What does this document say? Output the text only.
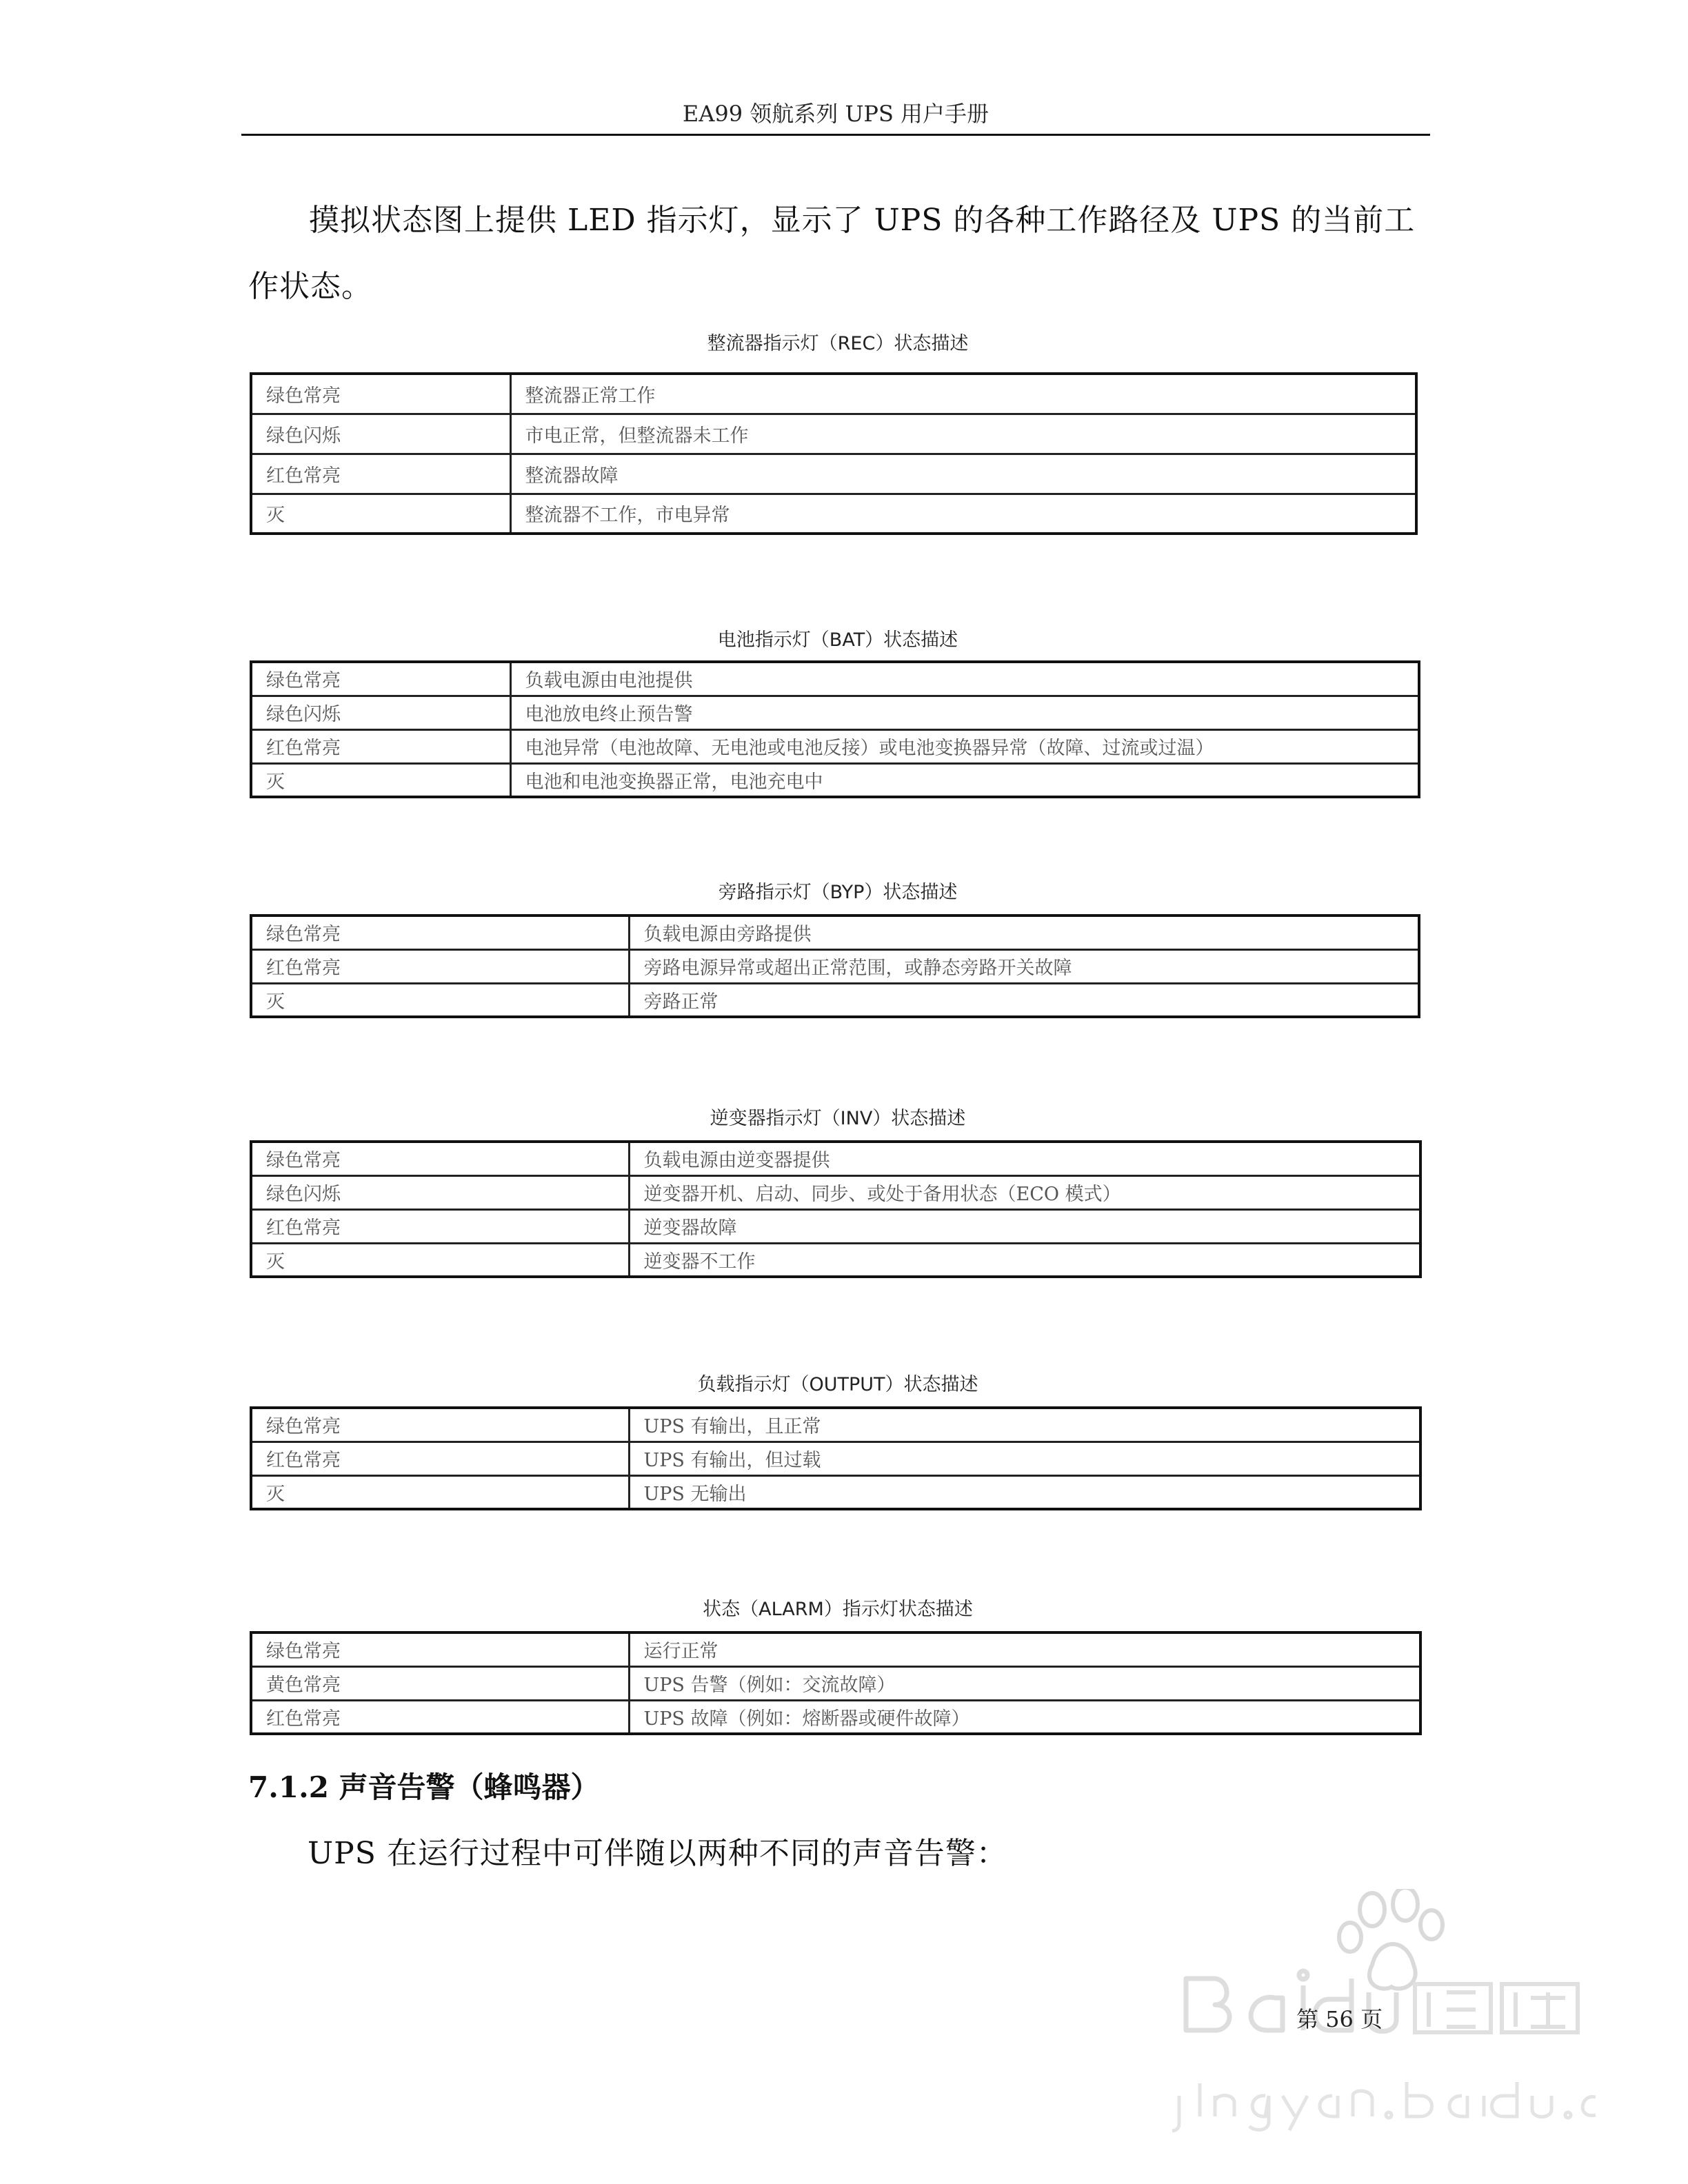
EA99 领航系列 UPS 用户手册
摸拟状态图上提供 LED 指示灯，显示了 UPS 的各种工作路径及 UPS 的当前工作状态。
整流器指示灯（REC）状态描述
绿色常亮	整流器正常工作
绿色闪烁	市电正常，但整流器未工作
红色常亮	整流器故障
灭	整流器不工作，市电异常
电池指示灯（BAT）状态描述
绿色常亮	负载电源由电池提供
绿色闪烁	电池放电终止预告警
红色常亮	电池异常（电池故障、无电池或电池反接）或电池变换器异常（故障、过流或过温）
灭	电池和电池变换器正常，电池充电中
旁路指示灯（BYP）状态描述
绿色常亮	负载电源由旁路提供
红色常亮	旁路电源异常或超出正常范围，或静态旁路开关故障
灭	旁路正常
逆变器指示灯（INV）状态描述
绿色常亮	负载电源由逆变器提供
绿色闪烁	逆变器开机、启动、同步、或处于备用状态（ECO 模式）
红色常亮	逆变器故障
灭	逆变器不工作
负载指示灯（OUTPUT）状态描述
绿色常亮	UPS 有输出，且正常
红色常亮	UPS 有输出，但过载
灭	UPS 无输出
状态（ALARM）指示灯状态描述
绿色常亮	运行正常
黄色常亮	UPS 告警（例如：交流故障）
红色常亮	UPS 故障（例如：熔断器或硬件故障）
7.1.2 声音告警（蜂鸣器）
UPS 在运行过程中可伴随以两种不同的声音告警：
第 56 页
